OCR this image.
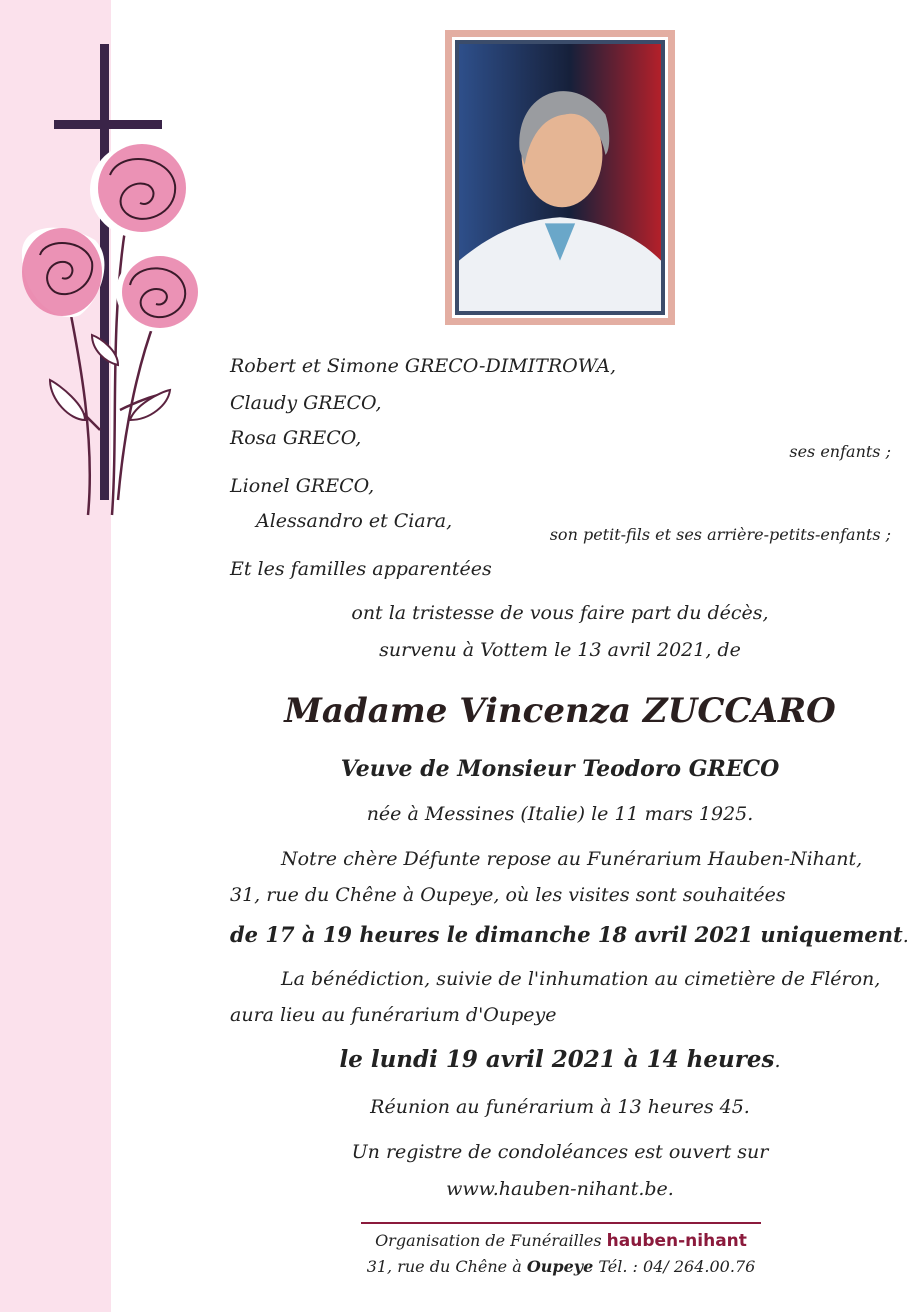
Robert et Simone GRECO-DIMITROWA,
Claudy GRECO,
Rosa GRECO,
ses enfants ;
Lionel GRECO,
Alessandro et Ciara,
son petit-fils et ses arrière-petits-enfants ;
Et les familles apparentées
ont la tristesse de vous faire part du décès,
survenu à Vottem le 13 avril 2021, de
Madame Vincenza ZUCCARO
Veuve de Monsieur Teodoro GRECO
née à Messines (Italie) le 11 mars 1925.
Notre chère Défunte repose au Funérarium Hauben-Nihant,
31, rue du Chêne à Oupeye, où les visites sont souhaitées
de 17 à 19 heures le dimanche 18 avril 2021 uniquement.
La bénédiction, suivie de l'inhumation au cimetière de Fléron,
aura lieu au funérarium d'Oupeye
le lundi 19 avril 2021 à 14 heures.
Réunion au funérarium à 13 heures 45.
Un registre de condoléances est ouvert sur
www.hauben-nihant.be.
Organisation de Funérailles hauben-nihant
31, rue du Chêne à Oupeye Tél. : 04/ 264.00.76
